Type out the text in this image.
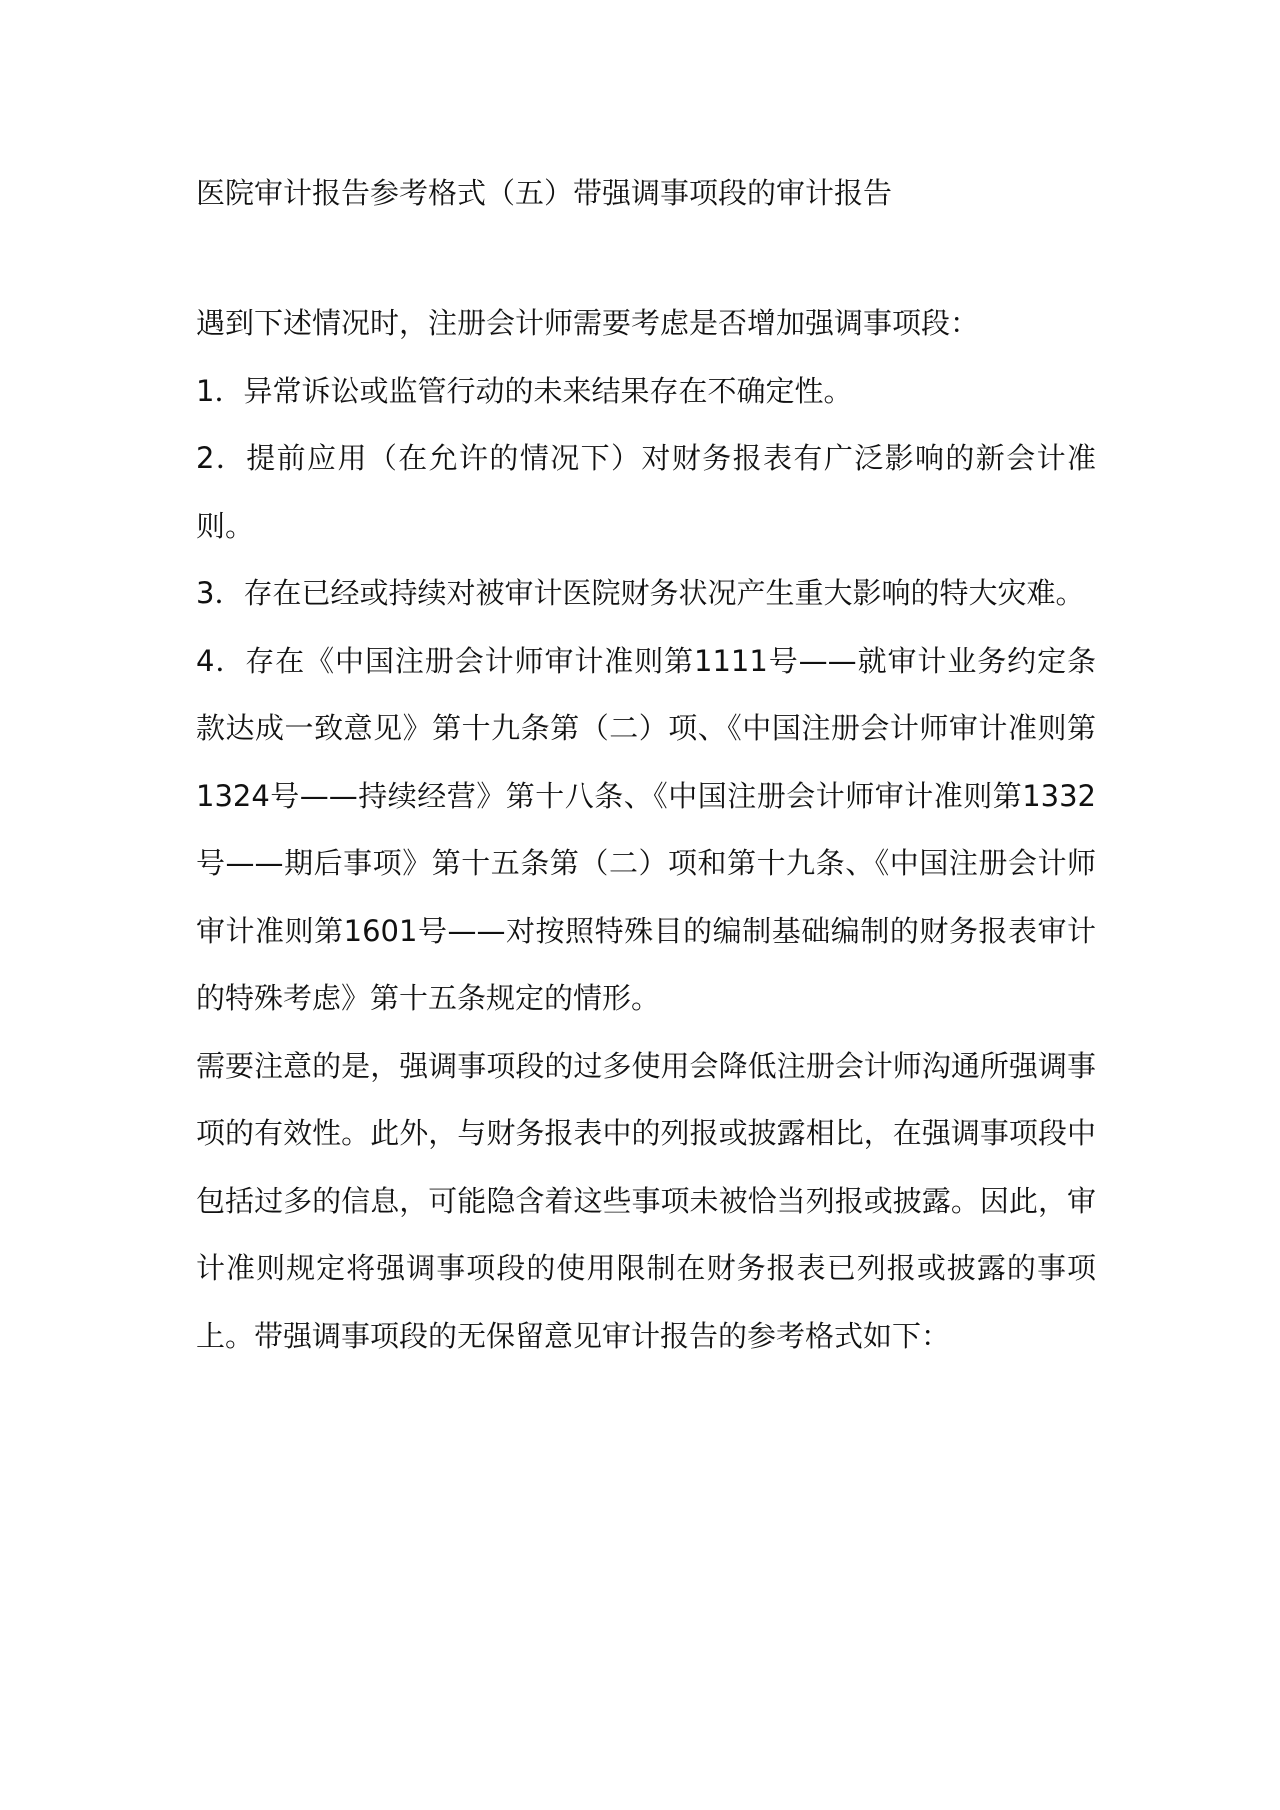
医院审计报告参考格式（五）带强调事项段的审计报告

遇到下述情况时，注册会计师需要考虑是否增加强调事项段：

1．异常诉讼或监管行动的未来结果存在不确定性。

2．提前应用（在允许的情况下）对财务报表有广泛影响的新会计准则。

3．存在已经或持续对被审计医院财务状况产生重大影响的特大灾难。

4．存在《中国注册会计师审计准则第1111号——就审计业务约定条款达成一致意见》第十九条第（二）项、《中国注册会计师审计准则第1324号——持续经营》第十八条、《中国注册会计师审计准则第1332号——期后事项》第十五条第（二）项和第十九条、《中国注册会计师审计准则第1601号——对按照特殊目的编制基础编制的财务报表审计的特殊考虑》第十五条规定的情形。

需要注意的是，强调事项段的过多使用会降低注册会计师沟通所强调事项的有效性。此外，与财务报表中的列报或披露相比，在强调事项段中包括过多的信息，可能隐含着这些事项未被恰当列报或披露。因此，审计准则规定将强调事项段的使用限制在财务报表已列报或披露的事项上。带强调事项段的无保留意见审计报告的参考格式如下：
